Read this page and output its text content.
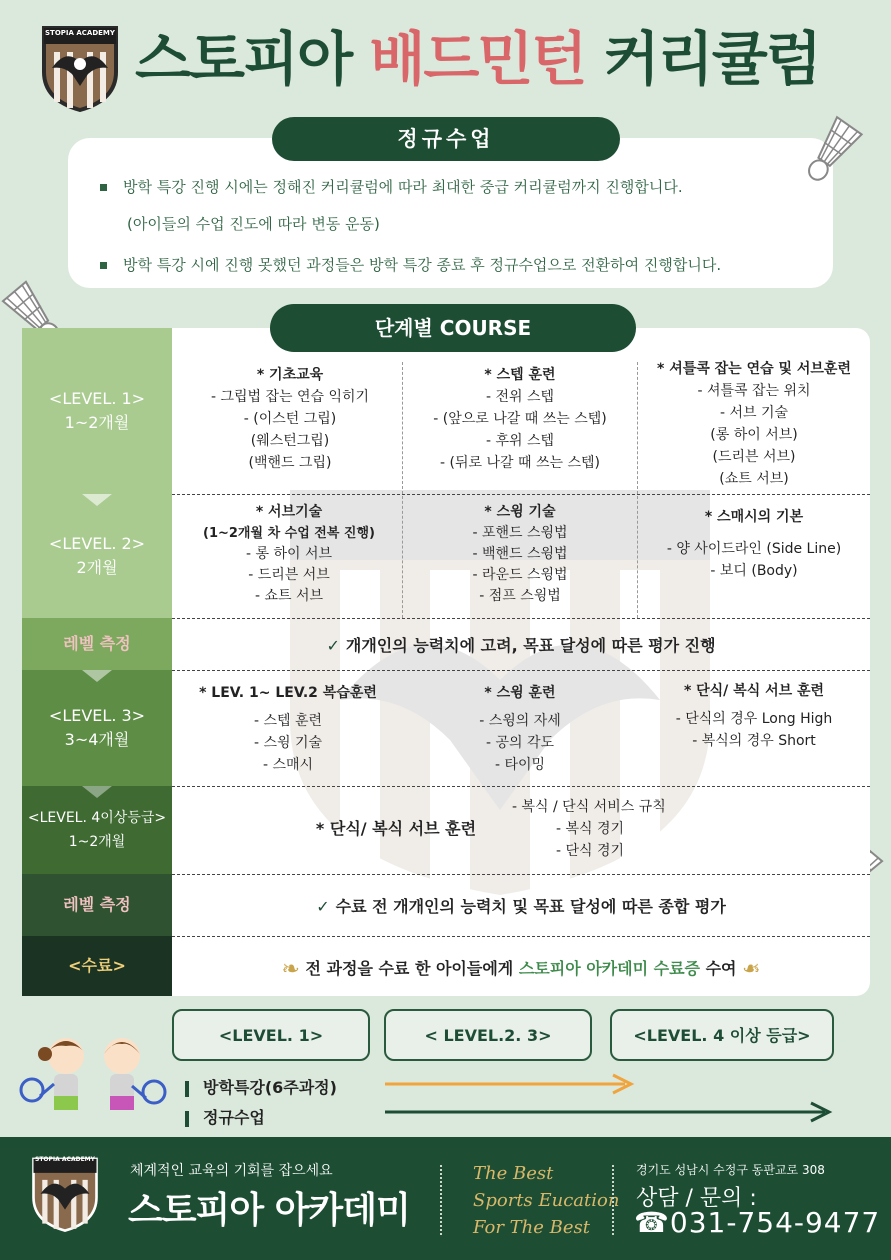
STOPIA ACADEMY 스토피아 배드민턴 커리큘럼
정규수업
방학 특강 진행 시에는 정해진 커리큘럼에 따라 최대한 중급 커리큘럼까지 진행합니다.
(아이들의 수업 진도에 따라 변동 운동)
방학 특강 시에 진행 못했던 과정들은 방학 특강 종료 후 정규수업으로 전환하여 진행합니다.
<LEVEL. 1>
1~2개월
<LEVEL. 2>
2개월
레벨 측정
<LEVEL. 3>
3~4개월
<LEVEL. 4이상등급>
1~2개월
레벨 측정
<수료>
단계별 COURSE
* 기초교육
- 그립법 잡는 연습 익히기
- (이스턴 그립)
(웨스턴그립)
(백핸드 그립)
* 스텝 훈련
- 전위 스텝
- (앞으로 나갈 때 쓰는 스텝)
- 후위 스텝
- (뒤로 나갈 때 쓰는 스텝)
* 셔틀콕 잡는 연습 및 서브훈련
- 셔틀콕 잡는 위치
- 서브 기술
(롱 하이 서브)
(드리븐 서브)
(쇼트 서브)
* 서브기술
(1~2개월 차 수업 전복 진행)
- 롱 하이 서브
- 드리븐 서브
- 쇼트 서브
* 스윙 기술
- 포핸드 스윙법
- 백핸드 스윙법
- 라운드 스윙법
- 점프 스윙법
* 스매시의 기본
- 양 사이드라인 (Side Line)
- 보디 (Body)
✓ 개개인의 능력치에 고려, 목표 달성에 따른 평가 진행
* LEV. 1~ LEV.2 복습훈련
- 스텝 훈련
- 스윙 기술
- 스매시
* 스윙 훈련
- 스윙의 자세
- 공의 각도
- 타이밍
* 단식/ 복식 서브 훈련
- 단식의 경우 Long High
- 복식의 경우 Short
* 단식/ 복식 서브 훈련
- 복식 / 단식 서비스 규칙
- 복식 경기
- 단식 경기
✓ 수료 전 개개인의 능력치 및 목표 달성에 따른 종합 평가
❧ 전 과정을 수료 한 아이들에게 스토피아 아카데미 수료증 수여 ❧
<LEVEL. 1>	< LEVEL.2. 3>	<LEVEL. 4 이상 등급>
방학특강(6주과정)
정규수업
STOPIA ACADEMY
체계적인 교육의 기회를 잡으세요
스토피아 아카데미
The Best
Sports Eucation
For The Best
경기도 성남시 수정구 동판교로 308
상담 / 문의 :
☎031-754-9477
